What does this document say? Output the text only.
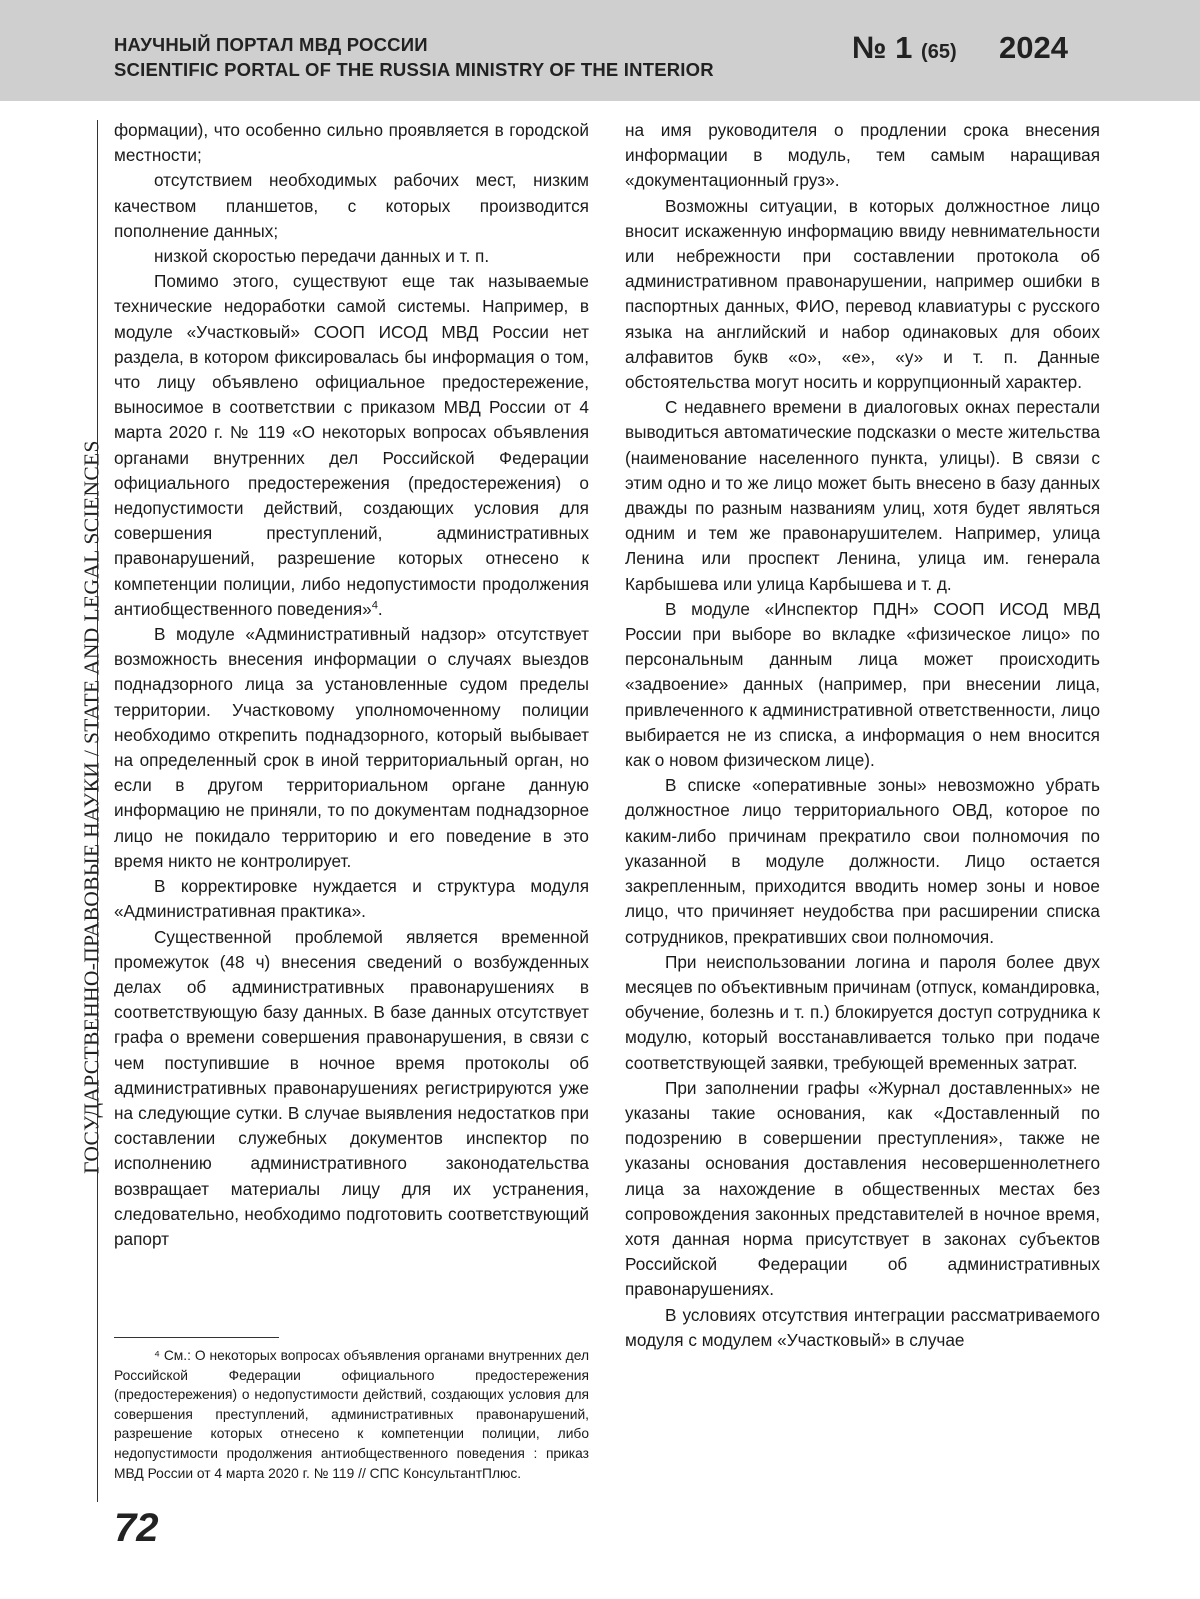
НАУЧНЫЙ ПОРТАЛ МВД РОССИИ
SCIENTIFIC PORTAL OF THE RUSSIA MINISTRY OF THE INTERIOR
№ 1 (65) 2024
ГОСУДАРСТВЕННО-ПРАВОВЫЕ НАУКИ / STATE AND LEGAL SCIENCES

формации), что особенно сильно проявляется в городской местности;

отсутствием необходимых рабочих мест, низким качеством планшетов, с которых производится пополнение данных;

низкой скоростью передачи данных и т. п.

Помимо этого, существуют еще так называемые технические недоработки самой системы. Например, в модуле «Участковый» СООП ИСОД МВД России нет раздела, в котором фиксировалась бы информация о том, что лицу объявлено официальное предостережение, выносимое в соответствии с приказом МВД России от 4 марта 2020 г. № 119 «О некоторых вопросах объявления органами внутренних дел Российской Федерации официального предостережения (предостережения) о недопустимости действий, создающих условия для совершения преступлений, административных правонарушений, разрешение которых отнесено к компетенции полиции, либо недопустимости продолжения антиобщественного поведения»$^4$.

В модуле «Административный надзор» отсутствует возможность внесения информации о случаях выездов поднадзорного лица за установленные судом пределы территории. Участковому уполномоченному полиции необходимо открепить поднадзорного, который выбывает на определенный срок в иной территориальный орган, но если в другом территориальном органе данную информацию не приняли, то по документам поднадзорное лицо не покидало территорию и его поведение в это время никто не контролирует.

В корректировке нуждается и структура модуля «Административная практика».

Существенной проблемой является временной промежуток (48 ч) внесения сведений о возбужденных делах об административных правонарушениях в соответствующую базу данных. В базе данных отсутствует графа о времени совершения правонарушения, в связи с чем поступившие в ночное время протоколы об административных правонарушениях регистрируются уже на следующие сутки. В случае выявления недостатков при составлении служебных документов инспектор по исполнению административного законодательства возвращает материалы лицу для их устранения, следовательно, необходимо подготовить соответствующий рапорт

⁴ См.: О некоторых вопросах объявления органами внутренних дел Российской Федерации официального предостережения (предостережения) о недопустимости действий, создающих условия для совершения преступлений, административных правонарушений, разрешение которых отнесено к компетенции полиции, либо недопустимости продолжения антиобщественного поведения : приказ МВД России от 4 марта 2020 г. № 119 // СПС КонсультантПлюс.

на имя руководителя о продлении срока внесения информации в модуль, тем самым наращивая «документационный груз».

Возможны ситуации, в которых должностное лицо вносит искаженную информацию ввиду невнимательности или небрежности при составлении протокола об административном правонарушении, например ошибки в паспортных данных, ФИО, перевод клавиатуры с русского языка на английский и набор одинаковых для обоих алфавитов букв «о», «е», «у» и т. п. Данные обстоятельства могут носить и коррупционный характер.

С недавнего времени в диалоговых окнах перестали выводиться автоматические подсказки о месте жительства (наименование населенного пункта, улицы). В связи с этим одно и то же лицо может быть внесено в базу данных дважды по разным названиям улиц, хотя будет являться одним и тем же правонарушителем. Например, улица Ленина или проспект Ленина, улица им. генерала Карбышева или улица Карбышева и т. д.

В модуле «Инспектор ПДН» СООП ИСОД МВД России при выборе во вкладке «физическое лицо» по персональным данным лица может происходить «задвоение» данных (например, при внесении лица, привлеченного к административной ответственности, лицо выбирается не из списка, а информация о нем вносится как о новом физическом лице).

В списке «оперативные зоны» невозможно убрать должностное лицо территориального ОВД, которое по каким-либо причинам прекратило свои полномочия по указанной в модуле должности. Лицо остается закрепленным, приходится вводить номер зоны и новое лицо, что причиняет неудобства при расширении списка сотрудников, прекративших свои полномочия.

При неиспользовании логина и пароля более двух месяцев по объективным причинам (отпуск, командировка, обучение, болезнь и т. п.) блокируется доступ сотрудника к модулю, который восстанавливается только при подаче соответствующей заявки, требующей временных затрат.

При заполнении графы «Журнал доставленных» не указаны такие основания, как «Доставленный по подозрению в совершении преступления», также не указаны основания доставления несовершеннолетнего лица за нахождение в общественных местах без сопровождения законных представителей в ночное время, хотя данная норма присутствует в законах субъектов Российской Федерации об административных правонарушениях.

В условиях отсутствия интеграции рассматриваемого модуля с модулем «Участковый» в случае

72
